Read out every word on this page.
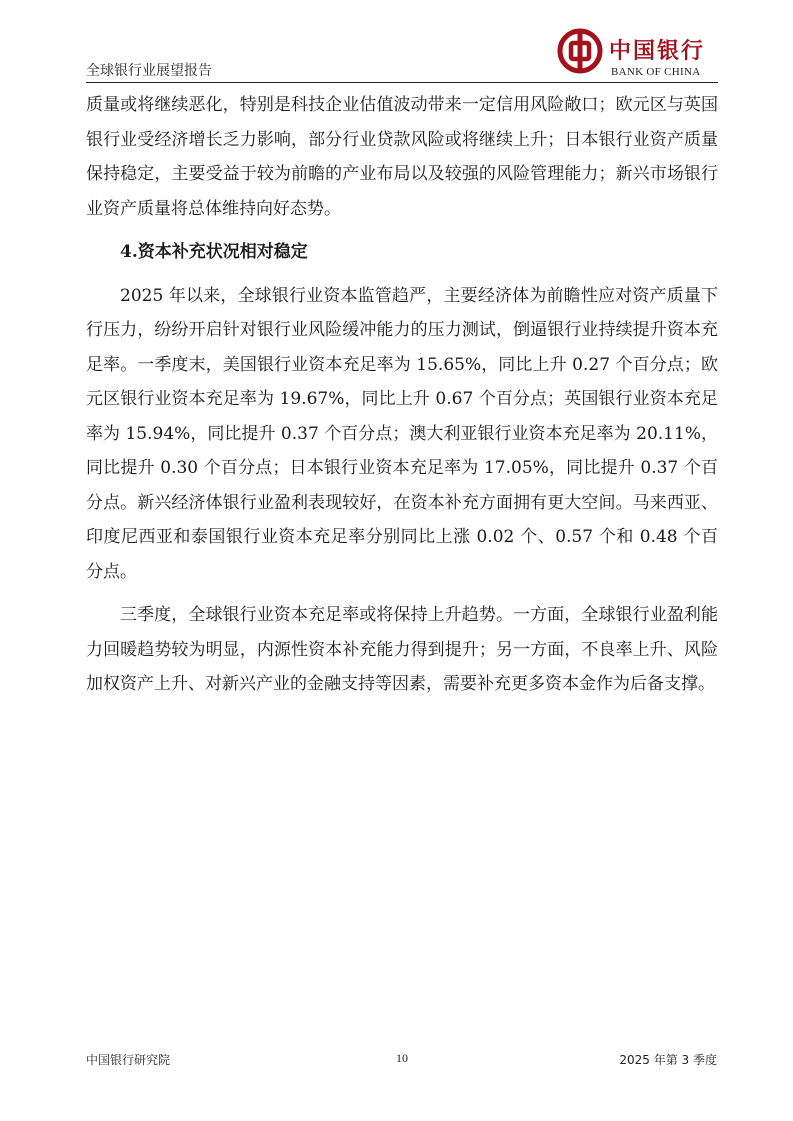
全球银行业展望报告
中国银行
BANK OF CHINA

质量或将继续恶化，特别是科技企业估值波动带来一定信用风险敞口；欧元区与英国银行业受经济增长乏力影响，部分行业贷款风险或将继续上升；日本银行业资产质量保持稳定，主要受益于较为前瞻的产业布局以及较强的风险管理能力；新兴市场银行业资产质量将总体维持向好态势。

4.资本补充状况相对稳定

2025 年以来，全球银行业资本监管趋严，主要经济体为前瞻性应对资产质量下行压力，纷纷开启针对银行业风险缓冲能力的压力测试，倒逼银行业持续提升资本充足率。一季度末，美国银行业资本充足率为 15.65%，同比上升 0.27 个百分点；欧元区银行业资本充足率为 19.67%，同比上升 0.67 个百分点；英国银行业资本充足率为 15.94%，同比提升 0.37 个百分点；澳大利亚银行业资本充足率为 20.11%，同比提升 0.30 个百分点；日本银行业资本充足率为 17.05%，同比提升 0.37 个百分点。新兴经济体银行业盈利表现较好，在资本补充方面拥有更大空间。马来西亚、印度尼西亚和泰国银行业资本充足率分别同比上涨 0.02 个、0.57 个和 0.48 个百分点。

三季度，全球银行业资本充足率或将保持上升趋势。一方面，全球银行业盈利能力回暖趋势较为明显，内源性资本补充能力得到提升；另一方面，不良率上升、风险加权资产上升、对新兴产业的金融支持等因素，需要补充更多资本金作为后备支撑。

中国银行研究院	10	2025 年第 3 季度
